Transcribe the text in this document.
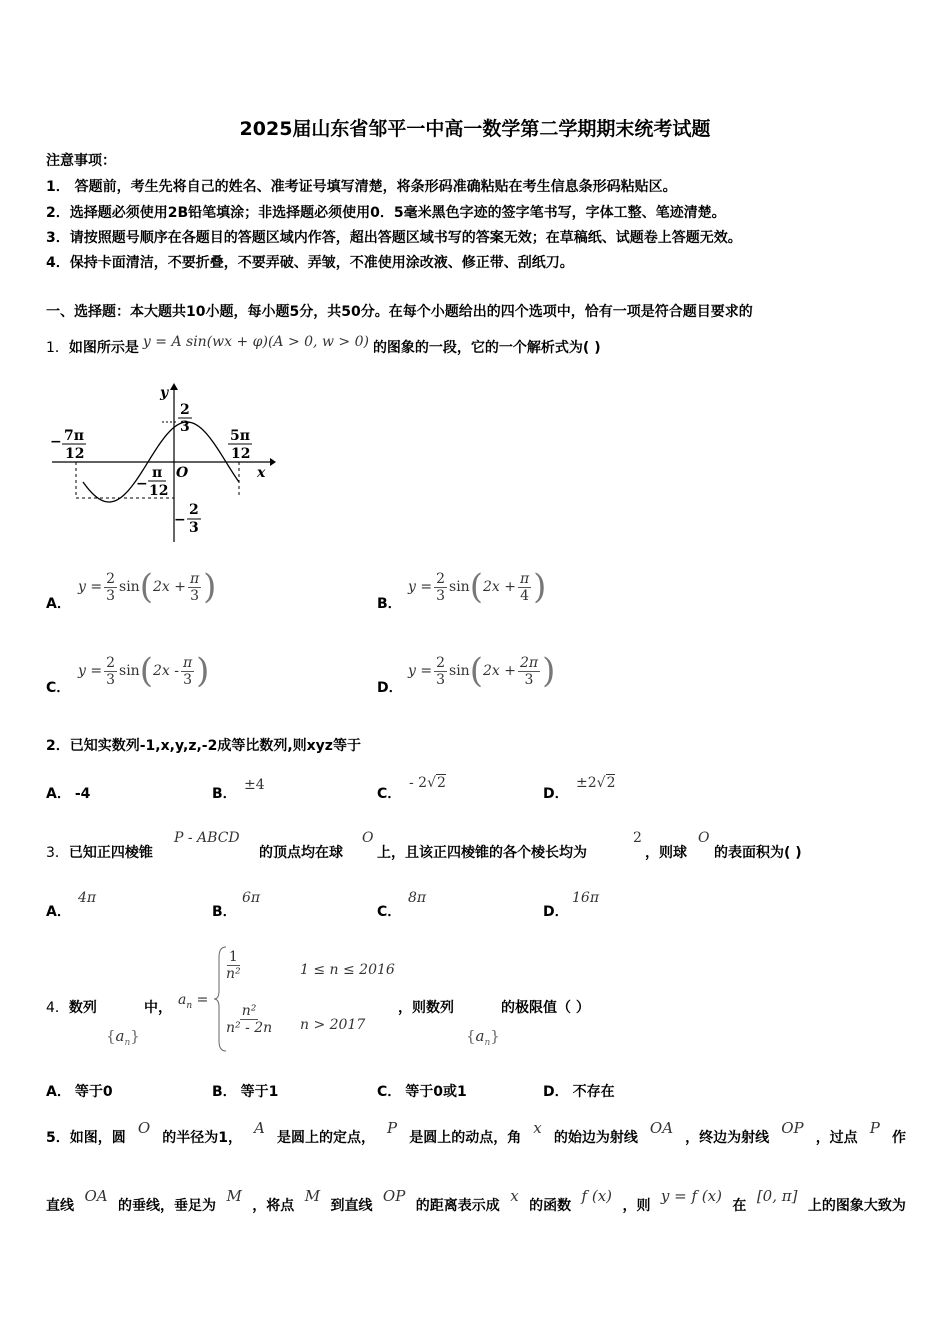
2025届山东省邹平一中高一数学第二学期期末统考试题
注意事项：
1． 答题前，考生先将自己的姓名、准考证号填写清楚，将条形码准确粘贴在考生信息条形码粘贴区。
2．选择题必须使用2B铅笔填涂；非选择题必须使用0．5毫米黑色字迹的签字笔书写，字体工整、笔迹清楚。
3．请按照题号顺序在各题目的答题区域内作答，超出答题区域书写的答案无效；在草稿纸、试题卷上答题无效。
4．保持卡面清洁，不要折叠，不要弄破、弄皱，不准使用涂改液、修正带、刮纸刀。
一、选择题：本大题共10小题，每小题5分，共50分。在每个小题给出的四个选项中，恰有一项是符合题目要求的
1． 如图所示是 y = A sin(wx + φ)(A > 0, w > 0) 的图象的一段，它的一个解析式为( )
y
x
O
2
3
−
2
3
− 7π
12
5π
12
−
π
12
A．
$y = \frac{2}{3}$ sin ( $2x + \frac{\pi}{3}$ )	B．
$y = \frac{2}{3}$ sin ( $2x + \frac{\pi}{4}$ )
C．
$y = \frac{2}{3}$ sin ( $2x - \frac{\pi}{3}$ )	D．
$y = \frac{2}{3}$ sin ( $2x + \frac{2\pi}{3}$ )
2．已知实数列-1,x,y,z,-2成等比数列,则xyz等于
A． -4	B．
±4
C．
- 2√2
D．
±2√2
3．已知正四棱锥
P - ABCD
的顶点均在球
O
上，且该正四棱锥的各个棱长均为
2
，则球
O
的表面积为( )
A．
4π
B．
6π
C．
8π
D．
16π
4．数列
$\{a_n\}$
中， $a_n$ =
$\frac{1}{\text{n²}}$	1 ≤ n ≤ 2016
$\frac{\text{n²}}{\text{n² - 2n}}$ n > 2017
，则数列
$\{a_n\}$
的极限值（ ）
A． 等于0	B． 等于1	C． 等于0或1	D． 不存在
5．如图，圆
O
的半径为1，
A
是圆上的定点，
P
是圆上的动点，角
x
的始边为射线
OA
，终边为射线
OP
，过点
P
作
直线
OA
的垂线，垂足为
M
，将点
M
到直线
OP
的距离表示成
x
的函数
f (x)
，则
y = f (x)
在
[0, π]
上的图象大致为
